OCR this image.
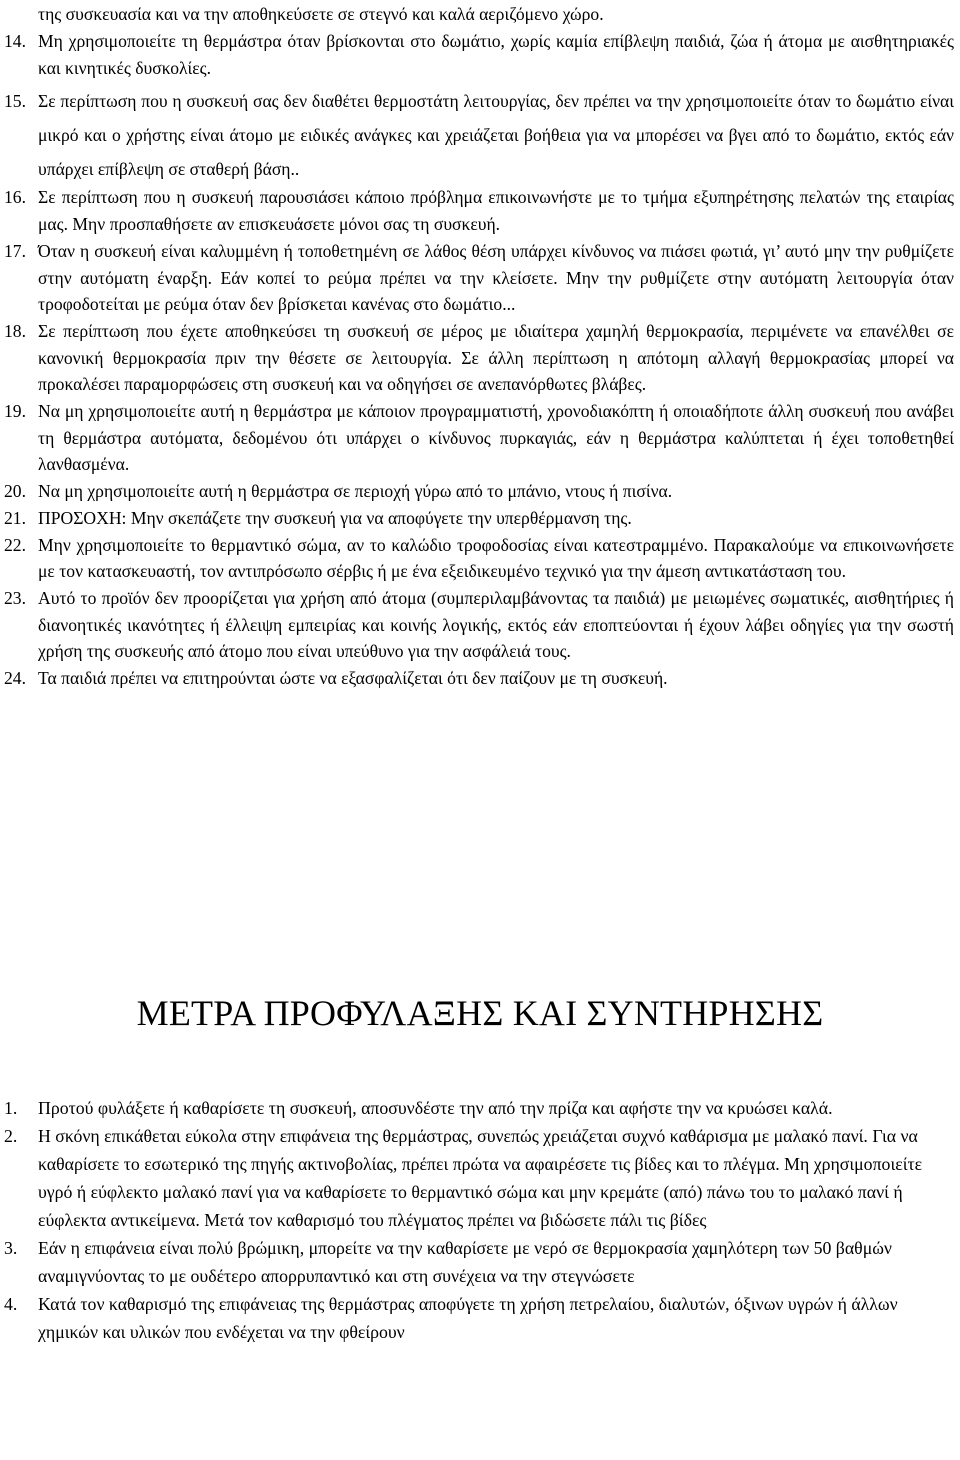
της συσκευασία και να την αποθηκεύσετε σε στεγνό και καλά αεριζόμενο χώρο.
14. Μη χρησιμοποιείτε τη θερμάστρα όταν βρίσκονται στο δωμάτιο, χωρίς καμία επίβλεψη παιδιά, ζώα ή άτομα με αισθητηριακές και κινητικές δυσκολίες.
15. Σε περίπτωση που η συσκευή σας δεν διαθέτει θερμοστάτη λειτουργίας, δεν πρέπει να την χρησιμοποιείτε όταν το δωμάτιο είναι μικρό και ο χρήστης είναι άτομο με ειδικές ανάγκες και χρειάζεται βοήθεια για να μπορέσει να βγει από το δωμάτιο, εκτός εάν υπάρχει επίβλεψη σε σταθερή βάση..
16. Σε περίπτωση που η συσκευή παρουσιάσει κάποιο πρόβλημα επικοινωνήστε με το τμήμα εξυπηρέτησης πελατών της εταιρίας μας. Μην προσπαθήσετε αν επισκευάσετε μόνοι σας τη συσκευή.
17. Όταν η συσκευή είναι καλυμμένη ή τοποθετημένη σε λάθος θέση υπάρχει κίνδυνος να πιάσει φωτιά, γι’ αυτό μην την ρυθμίζετε στην αυτόματη έναρξη. Εάν κοπεί το ρεύμα πρέπει να την κλείσετε. Μην την ρυθμίζετε στην αυτόματη λειτουργία όταν τροφοδοτείται με ρεύμα όταν δεν βρίσκεται κανένας στο δωμάτιο...
18. Σε περίπτωση που έχετε αποθηκεύσει τη συσκευή σε μέρος με ιδιαίτερα χαμηλή θερμοκρασία, περιμένετε να επανέλθει σε κανονική θερμοκρασία πριν την θέσετε σε λειτουργία. Σε άλλη περίπτωση η απότομη αλλαγή θερμοκρασίας μπορεί να προκαλέσει παραμορφώσεις στη συσκευή και να οδηγήσει σε ανεπανόρθωτες βλάβες.
19. Να μη χρησιμοποιείτε αυτή η θερμάστρα με κάποιον προγραμματιστή, χρονοδιακόπτη ή οποιαδήποτε άλλη συσκευή που ανάβει τη θερμάστρα αυτόματα, δεδομένου ότι υπάρχει ο κίνδυνος πυρκαγιάς, εάν η θερμάστρα καλύπτεται ή έχει τοποθετηθεί λανθασμένα.
20. Να μη χρησιμοποιείτε αυτή η θερμάστρα σε περιοχή γύρω από το μπάνιο, ντους ή πισίνα.
21. ΠΡΟΣΟΧΗ: Μην σκεπάζετε την συσκευή για να αποφύγετε την υπερθέρμανση της.
22. Μην χρησιμοποιείτε το θερμαντικό σώμα, αν το καλώδιο τροφοδοσίας είναι κατεστραμμένο. Παρακαλούμε να επικοινωνήσετε με τον κατασκευαστή, τον αντιπρόσωπο σέρβις ή με ένα εξειδικευμένο τεχνικό για την άμεση αντικατάσταση του.
23. Αυτό το προϊόν δεν προορίζεται για χρήση από άτομα (συμπεριλαμβάνοντας τα παιδιά) με μειωμένες σωματικές, αισθητήριες ή διανοητικές ικανότητες ή έλλειψη εμπειρίας και κοινής λογικής, εκτός εάν εποπτεύονται ή έχουν λάβει οδηγίες για την σωστή χρήση της συσκευής από άτομο που είναι υπεύθυνο για την ασφάλειά τους.
24. Τα παιδιά πρέπει να επιτηρούνται ώστε να εξασφαλίζεται ότι δεν παίζουν με τη συσκευή.
ΜΕΤΡΑ ΠΡΟΦΥΛΑΞΗΣ ΚΑΙ ΣΥΝΤΗΡΗΣΗΣ
1. Προτού φυλάξετε ή καθαρίσετε τη συσκευή, αποσυνδέστε την από την πρίζα και αφήστε την να κρυώσει καλά.
2. Η σκόνη επικάθεται εύκολα στην επιφάνεια της θερμάστρας, συνεπώς χρειάζεται συχνό καθάρισμα με μαλακό πανί. Για να καθαρίσετε το εσωτερικό της πηγής ακτινοβολίας, πρέπει πρώτα να αφαιρέσετε τις βίδες και το πλέγμα. Μη χρησιμοποιείτε υγρό ή εύφλεκτο μαλακό πανί για να καθαρίσετε το θερμαντικό σώμα και μην κρεμάτε (από) πάνω του το μαλακό πανί ή εύφλεκτα αντικείμενα. Μετά τον καθαρισμό του πλέγματος πρέπει να βιδώσετε πάλι τις βίδες
3. Εάν η επιφάνεια είναι πολύ βρώμικη, μπορείτε να την καθαρίσετε με νερό σε θερμοκρασία χαμηλότερη των 50 βαθμών αναμιγνύοντας το με ουδέτερο απορρυπαντικό και στη συνέχεια να την στεγνώσετε
4. Κατά τον καθαρισμό της επιφάνειας της θερμάστρας αποφύγετε τη χρήση πετρελαίου, διαλυτών, όξινων υγρών ή άλλων χημικών και υλικών που ενδέχεται να την φθείρουν
